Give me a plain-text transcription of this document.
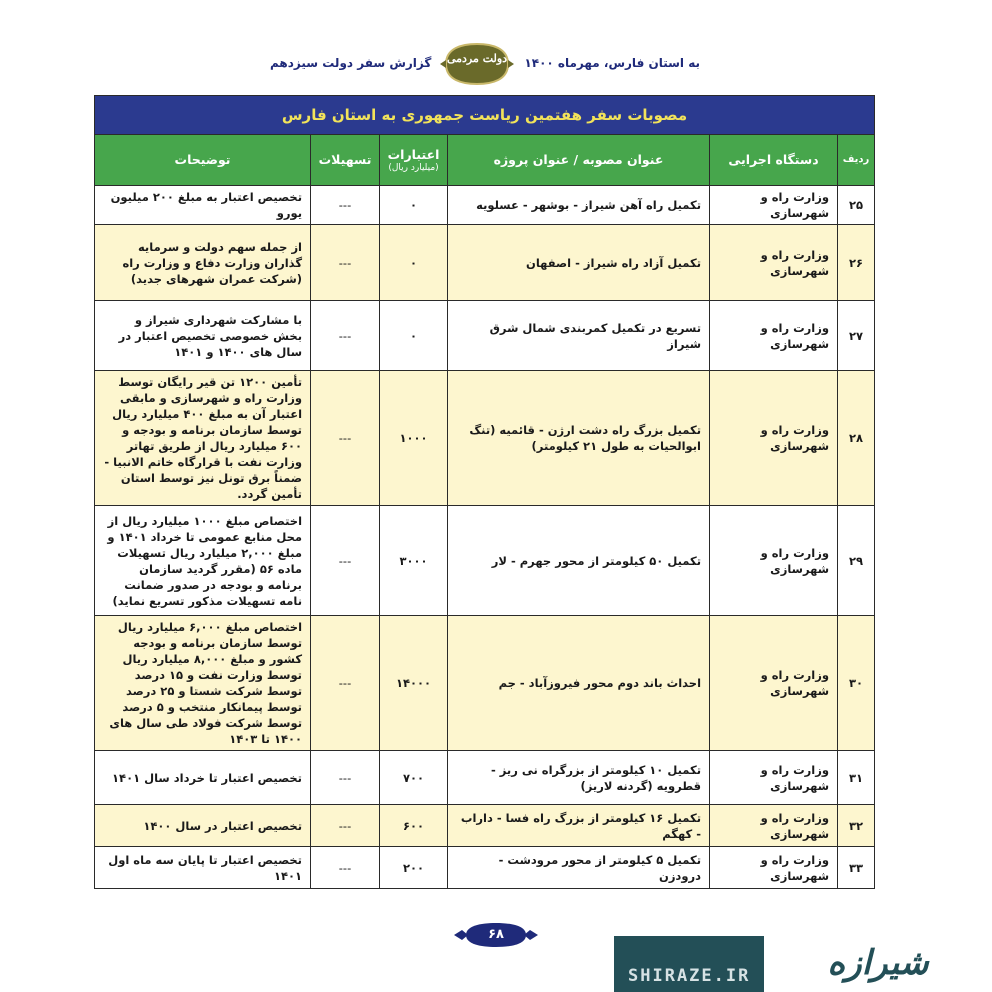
گزارش سفر دولت سیزدهم	دولت مردمی	به استان فارس، مهرماه ۱۴۰۰
مصوبات سفر هفتمین ریاست جمهوری به استان فارس					
ردیف	دستگاه اجرایی	عنوان مصوبه / عنوان پروژه	اعتبارات
(میلیارد ریال)	تسهیلات	توضیحات
۲۵	وزارت راه و شهرسازی	تکمیل راه آهن شیراز - بوشهر - عسلویه	۰	---	تخصیص اعتبار به مبلغ ۲۰۰ میلیون یورو
۲۶	وزارت راه و شهرسازی	تکمیل آزاد راه شیراز - اصفهان	۰	---	از جمله سهم دولت و سرمایه گذاران وزارت دفاع و وزارت راه (شرکت عمران شهرهای جدید)
۲۷	وزارت راه و شهرسازی	تسریع در تکمیل کمربندی شمال شرق شیراز	۰	---	با مشارکت شهرداری شیراز و بخش خصوصی تخصیص اعتبار در سال های ۱۴۰۰ و ۱۴۰۱
۲۸	وزارت راه و شهرسازی	تکمیل بزرگ راه دشت ارژن - قائمیه (تنگ ابوالحیات به طول ۲۱ کیلومتر)	۱۰۰۰	---	تأمین ۱۲۰۰ تن قیر رایگان توسط وزارت راه و شهرسازی و مابقی اعتبار آن به مبلغ ۴۰۰ میلیارد ریال توسط سازمان برنامه و بودجه و ۶۰۰ میلیارد ریال از طریق تهاتر وزارت نفت با قرارگاه خاتم الانبیا - ضمناً برق تونل نیز توسط استان تأمین گردد.
۲۹	وزارت راه و شهرسازی	تکمیل ۵۰ کیلومتر از محور جهرم - لار	۳۰۰۰	---	اختصاص مبلغ ۱۰۰۰ میلیارد ریال از محل منابع عمومی تا خرداد ۱۴۰۱ و مبلغ ۲,۰۰۰ میلیارد ریال تسهیلات ماده ۵۶ (مقرر گردید سازمان برنامه و بودجه در صدور ضمانت نامه تسهیلات مذکور تسریع نماید)
۳۰	وزارت راه و شهرسازی	احداث باند دوم محور فیروزآباد - جم	۱۴۰۰۰	---	اختصاص مبلغ ۶,۰۰۰ میلیارد ریال توسط سازمان برنامه و بودجه کشور و مبلغ ۸,۰۰۰ میلیارد ریال توسط وزارت نفت و ۱۵ درصد توسط شرکت شستا و ۲۵ درصد توسط پیمانکار منتخب و ۵ درصد توسط شرکت فولاد طی سال های ۱۴۰۰ تا ۱۴۰۳
۳۱	وزارت راه و شهرسازی	تکمیل ۱۰ کیلومتر از بزرگراه نی ریز - قطرویه (گردنه لاریز)	۷۰۰	---	تخصیص اعتبار تا خرداد سال ۱۴۰۱
۳۲	وزارت راه و شهرسازی	تکمیل ۱۶ کیلومتر از بزرگ راه فسا - داراب - کهگم	۶۰۰	---	تخصیص اعتبار در سال ۱۴۰۰
۳۳	وزارت راه و شهرسازی	تکمیل ۵ کیلومتر از محور مرودشت - درودزن	۲۰۰	---	تخصیص اعتبار تا پایان سه ماه اول ۱۴۰۱
۶۸
SHIRAZE.IR	شیرازه
